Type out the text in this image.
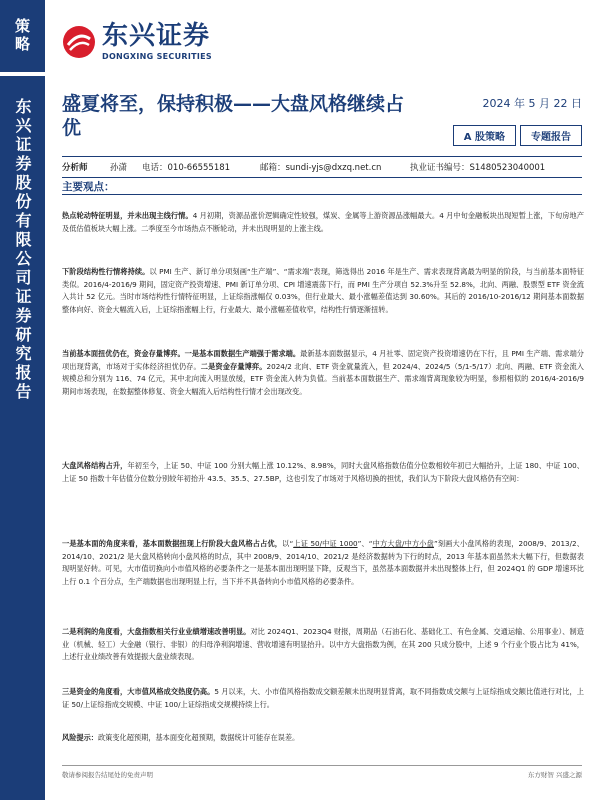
策略
东兴证券股份有限公司证券研究报告
东兴证券
DONGXING SECURITIES
盛夏将至，保持积极——大盘风格继续占优
2024 年 5 月 22 日
A 股策略	专题报告
分析师	孙潇	电话：010-66555181	邮箱：sundi-yjs@dxzq.net.cn	执业证书编号：S1480523040001
主要观点：
热点轮动特征明显，并未出现主线行情。4 月初期，资源品涨价逻辑确定性较强，煤炭、金属等上游资源品涨幅最大。4 月中旬金融板块出现短暂上涨，下旬房地产及低估值板块大幅上涨。二季度至今市场热点不断轮动，并未出现明显的上涨主线。
下阶段结构性行情将持续。以 PMI 生产、新订单分项刻画“生产端”、“需求端”表现，筛选得出 2016 年是生产、需求表现背离最为明显的阶段，与当前基本面特征类似。2016/4-2016/9 期间，固定资产投资增速、PMI 新订单分项、CPI 增速震荡下行，而 PMI 生产分项自 52.3%升至 52.8%，北向、两融、股票型 ETF 资金流入共计 52 亿元。当时市场结构性行情特征明显，上证综指涨幅仅 0.03%，但行业最大、最小涨幅差值达到 30.60%。其后的 2016/10-2016/12 期间基本面数据整体向好、资金大幅流入后，上证综指涨幅上行，行业最大、最小涨幅差值收窄，结构性行情逐渐扭转。
当前基本面扭优仍在，资金存量博弈。一是基本面数据生产端强于需求端。最新基本面数据显示，4 月社零、固定资产投资增速仍在下行，且 PMI 生产端、需求端分项出现背离，市场对于实体经济担忧仍存。二是资金存量博弈。2024/2 北向、ETF 资金就量流入，但 2024/4、2024/5（5/1-5/17）北向、两融、ETF 资金流入规模总和分别为 116、74 亿元，其中北向流入明显放缓，ETF 资金流入转为负值。当前基本面数据生产、需求端背离现象较为明显，参照相似的 2016/4-2016/9 期间市场表现，在数据整体修复、资金大幅流入后结构性行情才会出现改变。
大盘风格结构占升，年初至今，上证 50、中证 100 分别大幅上涨 10.12%、8.98%，同时大盘风格指数估值分位数相较年初已大幅抬升，上证 180、中证 100、上证 50 指数十年估值分位数分别较年初抬升 43.5、35.5、27.5BP，这也引发了市场对于风格切换的担忧，我们认为下阶段大盘风格仍有空间：
一是基本面的角度来看，基本面数据扭现上行阶段大盘风格占占优，以“上证 50/中证 1000”、“中方大盘/中方小盘”刻画大小盘风格的表现，2008/9、2013/2、2014/10、2021/2 是大盘风格转向小盘风格的时点，其中 2008/9、2014/10、2021/2 是经济数据转为下行的时点，2013 年基本面虽然未大幅下行，但数据表现明显好转。可见，大市值切换向小市值风格的必要条件之一是基本面出现明显下降，反观当下，虽然基本面数据并未出现整体上行，但 2024Q1 的 GDP 增速环比上行 0.1 个百分点，生产端数据也出现明显上行，当下并不具备转向小市值风格的必要条件。
二是利润的角度看，大盘指数相关行业业绩增速改善明显。对比 2024Q1、2023Q4 财报，周期品（石油石化、基础化工、有色金属、交通运输、公用事业）、制造业（机械、轻工）大金融（银行、非银）的归母净利润增速、营收增速有明显抬升。以中方大盘指数为例，在其 200 只成分股中，上述 9 个行业个股占比为 41%，上述行业业绩改善有效提振大盘业绩表现。
三是资金的角度看，大市值风格成交热度仍高。5 月以来，大、小市值风格指数成交额差额未出现明显背离，取不同指数成交额与上证综指成交额比值进行对比，上证 50/上证综指成交规模、中证 100/上证综指成交规模持续上行。
风险提示：政策变化超预期，基本面变化超预期，数据统计可能存在误差。
敬请参阅报告结尾处的免责声明	东方财智 兴盛之源
